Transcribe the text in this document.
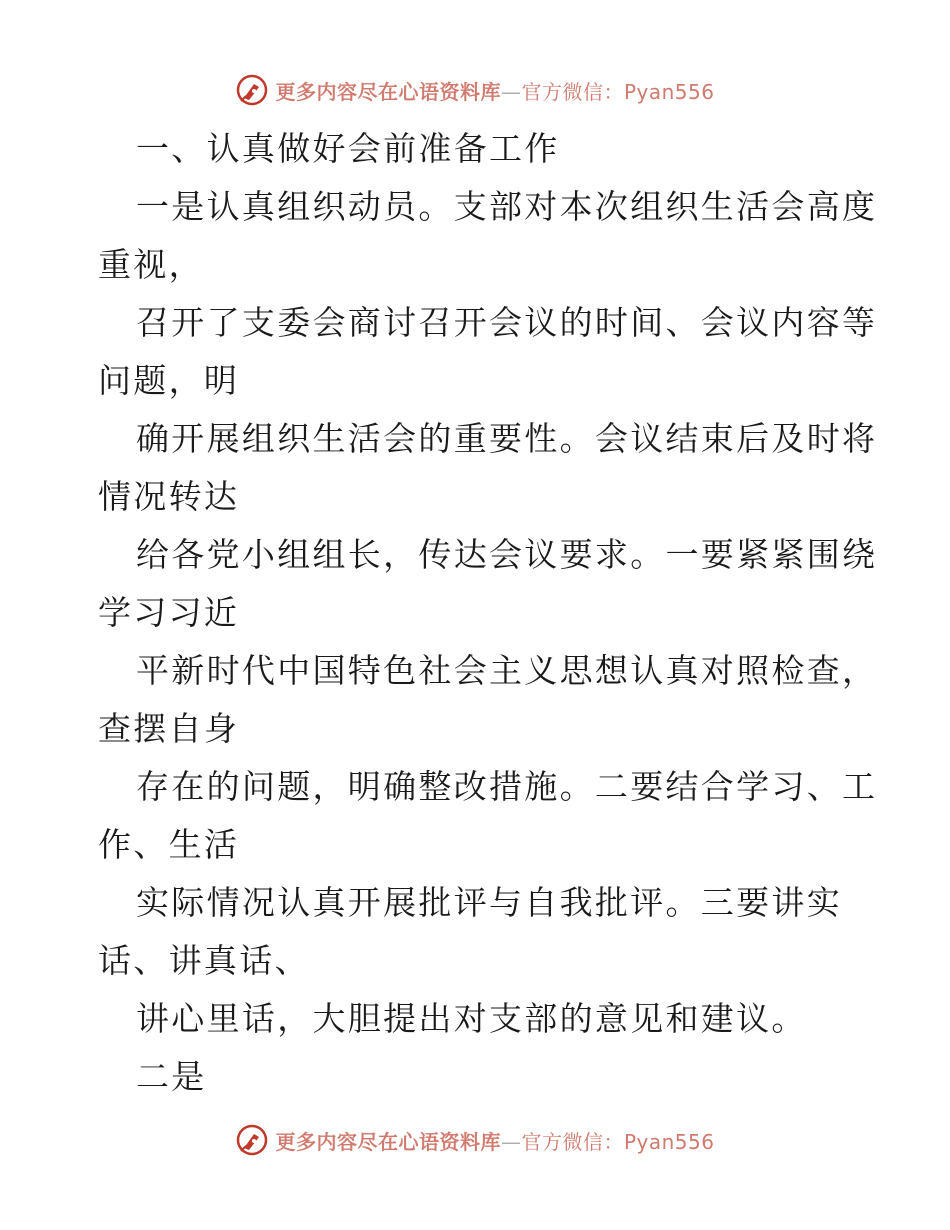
更多内容尽在心语资料库—官方微信：Pyan556
一、认真做好会前准备工作
一是认真组织动员。支部对本次组织生活会高度
重视，
召开了支委会商讨召开会议的时间、会议内容等
问题，明
确开展组织生活会的重要性。会议结束后及时将
情况转达
给各党小组组长，传达会议要求。一要紧紧围绕
学习习近
平新时代中国特色社会主义思想认真对照检查，
查摆自身
存在的问题，明确整改措施。二要结合学习、工
作、生活
实际情况认真开展批评与自我批评。三要讲实
话、讲真话、
讲心里话，大胆提出对支部的意见和建议。
二是
更多内容尽在心语资料库—官方微信：Pyan556
